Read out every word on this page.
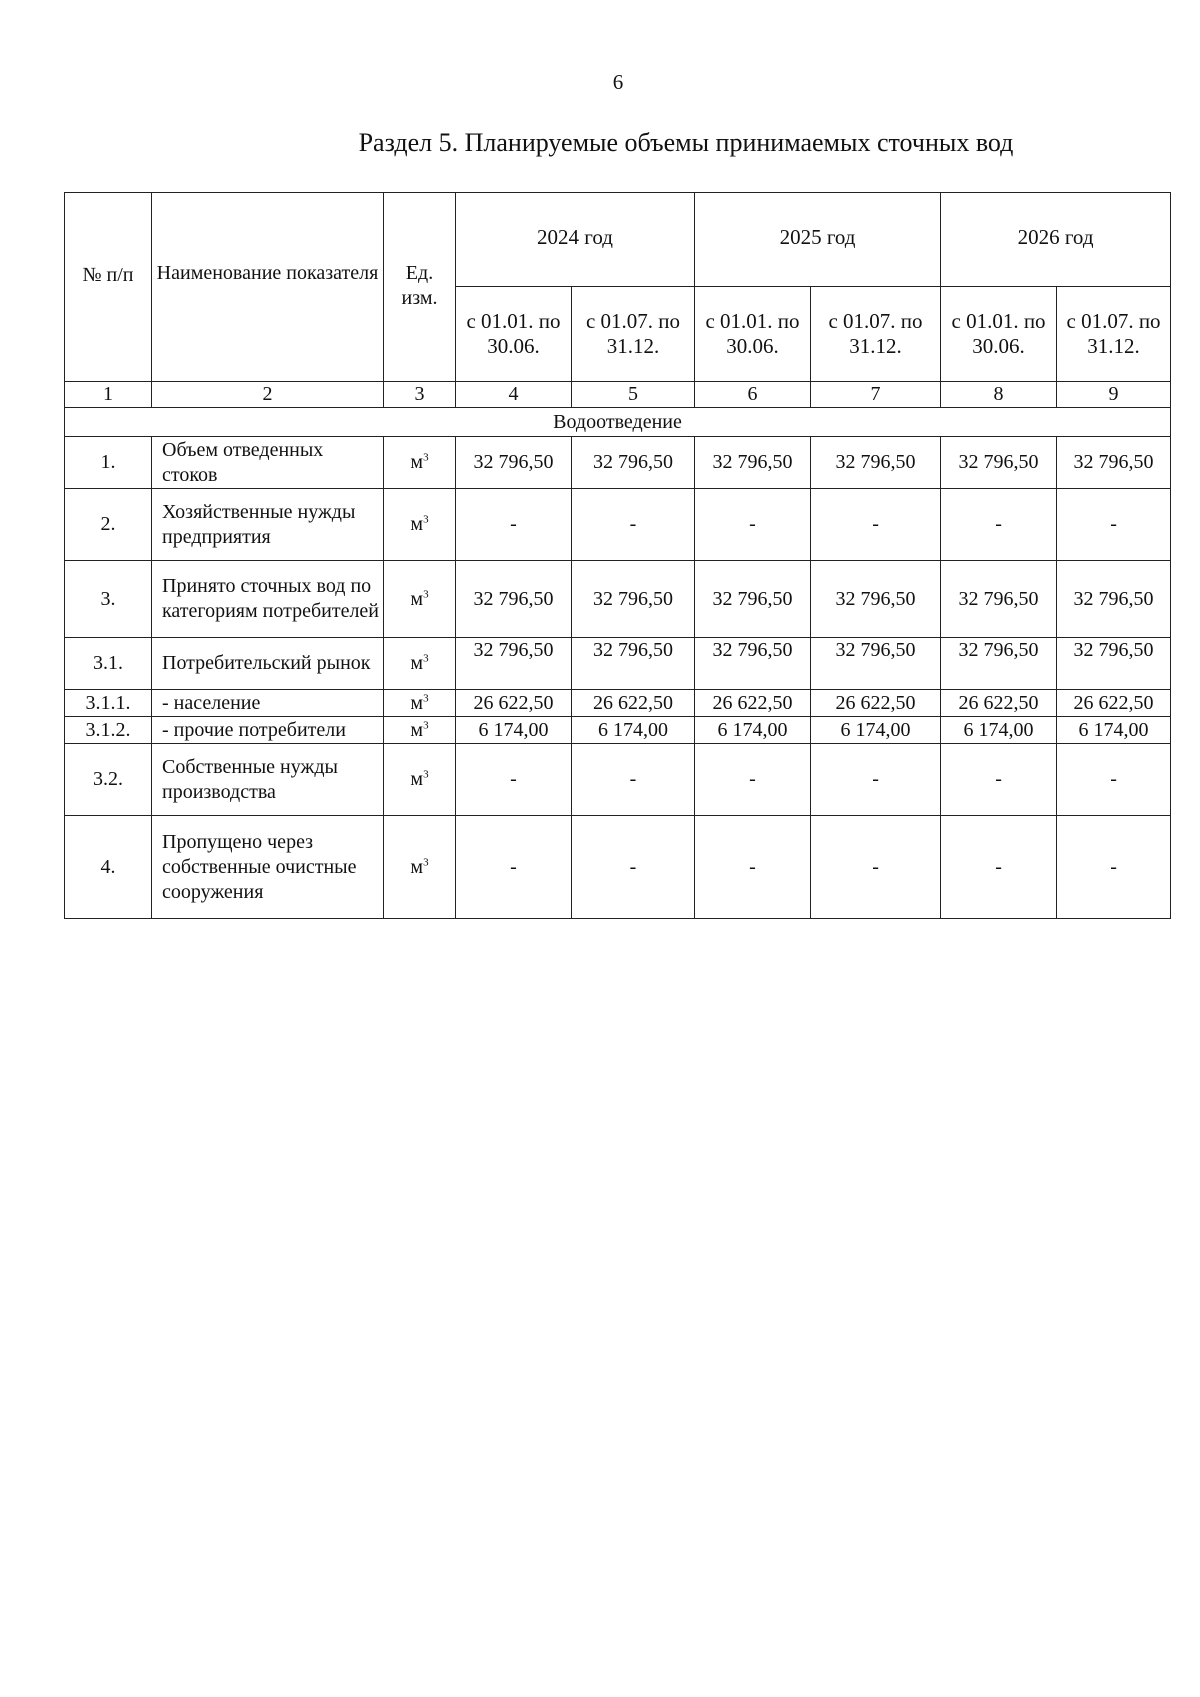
6
Раздел 5. Планируемые объемы принимаемых сточных вод
№ п/п	Наименование показателя	Ед. изм.	2024 год		2025 год		2026 год	
			с 01.01. по 30.06.	с 01.07. по 31.12.	с 01.01. по 30.06.	с 01.07. по 31.12.	с 01.01. по 30.06.	с 01.07. по 31.12.
1	2	3	4	5	6	7	8	9
Водоотведение								
1.	Объем отведенных стоков	$м^3$	32 796,50	32 796,50	32 796,50	32 796,50	32 796,50	32 796,50
2.	Хозяйственные нужды предприятия	$м^3$	-	-	-	-	-	-
3.	Принято сточных вод по категориям потребителей	$м^3$	32 796,50	32 796,50	32 796,50	32 796,50	32 796,50	32 796,50
3.1.	Потребительский рынок	$м^3$	32 796,50	32 796,50	32 796,50	32 796,50	32 796,50	32 796,50
3.1.1.	- население	$м^3$	26 622,50	26 622,50	26 622,50	26 622,50	26 622,50	26 622,50
3.1.2.	- прочие потребители	$м^3$	6 174,00	6 174,00	6 174,00	6 174,00	6 174,00	6 174,00
3.2.	Собственные нужды производства	$м^3$	-	-	-	-	-	-
4.	Пропущено через собственные очистные сооружения	$м^3$	-	-	-	-	-	-
